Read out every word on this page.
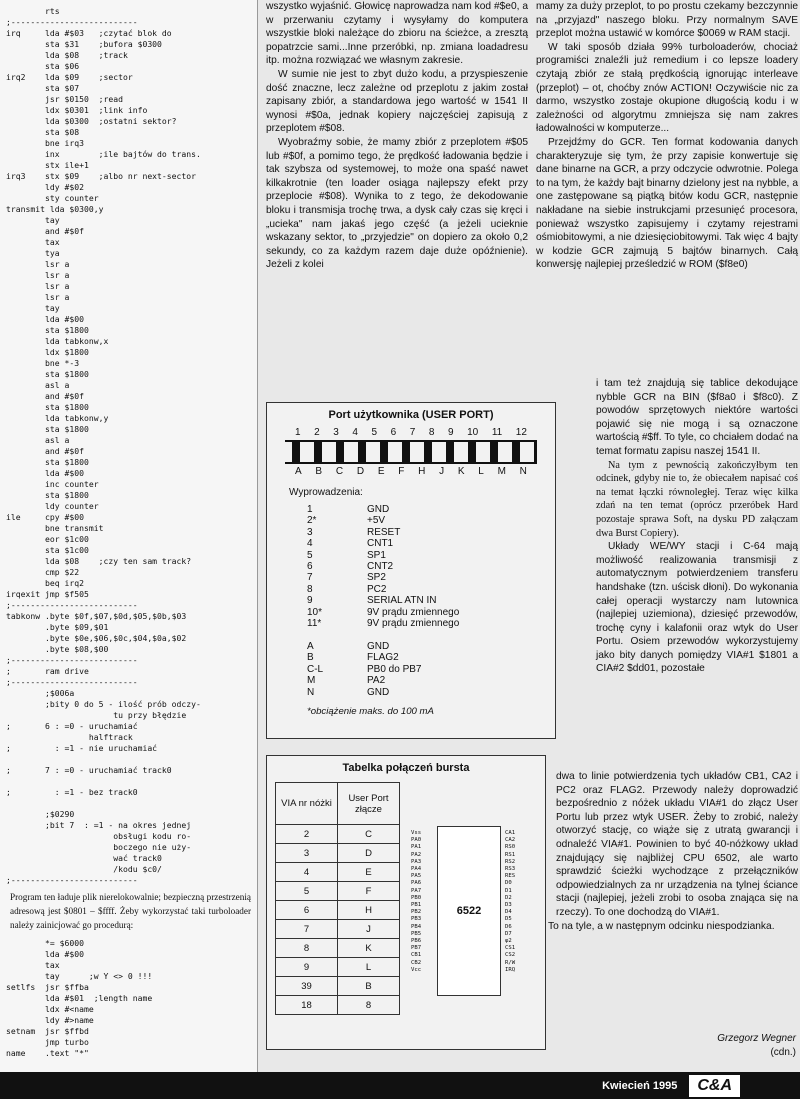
rts
;--------------------------
irq     lda #$03   ;czytać blok do
sta $31    ;bufora $0300
lda $08    ;track
sta $06
irq2    lda $09    ;sector
sta $07
jsr $0150  ;read
ldx $0301  ;link info
lda $0300  ;ostatni sektor?
sta $08
bne irq3
inx        ;ile bajtów do trans.
stx ile+1
irq3    stx $09    ;albo nr next-sector
ldy #$02
sty counter
transmit lda $0300,y
tay
and #$0f
tax
tya
lsr a
lsr a
lsr a
lsr a
tay
lda #$00
sta $1800
lda tabkonw,x
ldx $1800
bne *-3
sta $1800
asl a
and #$0f
sta $1800
lda tabkonw,y
sta $1800
asl a
and #$0f
sta $1800
lda #$00
inc counter
sta $1800
ldy counter
ile     cpy #$00
bne transmit
eor $1c00
sta $1c00
lda $08    ;czy ten sam track?
cmp $22
beq irq2
irqexit jmp $f505
;--------------------------
tabkonw .byte $0f,$07,$0d,$05,$0b,$03
.byte $09,$01
.byte $0e,$06,$0c,$04,$0a,$02
.byte $08,$00
;--------------------------
;       ram drive
;--------------------------
;$006a
;bity 0 do 5 - ilość prób odczy-
tu przy błędzie
;       6 : =0 - uruchamiać
halftrack
;         : =1 - nie uruchamiać

;       7 : =0 - uruchamiać track0

;         : =1 - bez track0

;$0290
;bit 7  : =1 - na okres jednej
obsługi kodu ro-
boczego nie uży-
wać track0
/kodu $c0/
;--------------------------
Program ten ładuje plik nierelokowalnie; bezpieczną przestrzenią adresową jest $0801 – $ffff. Żeby wykorzystać taki turboloader należy zainicjować go procedurą:
*= $6000
lda #$00
tax
tay      ;w Y <> 0 !!!
setlfs  jsr $ffba
lda #$01  ;length name
ldx #<name
ldy #>name
setnam  jsr $ffbd
jmp turbo
name    .text "*"

wszystko wyjaśnić. Głowicę naprowadza nam kod #$e0, a w przerwaniu czytamy i wysyłamy do komputera wszystkie bloki należące do zbioru na ścieżce, a zresztą popatrzcie sami...Inne przeróbki, np. zmiana loadadresu itp. można rozwiązać we własnym zakresie.

W sumie nie jest to zbyt dużo kodu, a przyspieszenie dość znaczne, lecz zależne od przeplotu z jakim został zapisany zbiór, a standardowa jego wartość w 1541 II wynosi #$0a, jednak kopiery najczęściej zapisują z przeplotem #$08.

Wyobraźmy sobie, że mamy zbiór z przeplotem #$05 lub #$0f, a pomimo tego, że prędkość ładowania będzie i tak szybsza od systemowej, to może ona spaść nawet kilkakrotnie (ten loader osiąga najlepszy efekt przy przeplocie #$08). Wynika to z tego, że dekodowanie bloku i transmisja trochę trwa, a dysk cały czas się kręci i „ucieka" nam jakaś jego część (a jeżeli ucieknie wskazany sektor, to „przyjedzie" on dopiero za około 0,2 sekundy, co za każdym razem daje duże opóźnienie). Jeżeli z kolei

mamy za duży przeplot, to po prostu czekamy bezczynnie na „przyjazd" naszego bloku. Przy normalnym SAVE przeplot można ustawić w komórce $0069 w RAM stacji.

W taki sposób działa 99% turboloaderów, chociaż programiści znaleźli już remedium i co lepsze loadery czytają zbiór ze stałą prędkością ignorując interleave (przeplot) – ot, choćby znów ACTION! Oczywiście nic za darmo, wszystko zostaje okupione długością kodu i w zależności od algorytmu zmniejsza się nam zakres ładowalności w komputerze...

Przejdźmy do GCR. Ten format kodowania danych charakteryzuje się tym, że przy zapisie konwertuje się dane binarne na GCR, a przy odczycie odwrotnie. Polega to na tym, że każdy bajt binarny dzielony jest na nybble, a one zastępowane są piątką bitów kodu GCR, następnie nakładane na siebie instrukcjami przesunięć procesora, ponieważ wszystko zapisujemy i czytamy rejestrami ośmiobitowymi, a nie dziesięciobitowymi. Tak więc 4 bajty w kodzie GCR zajmują 5 bajtów binarnych. Całą konwersję najlepiej prześledzić w ROM ($f8e0)

i tam też znajdują się tablice dekodujące nybble GCR na BIN ($f8a0 i $f8c0). Z powodów sprzętowych niektóre wartości pojawić się nie mogą i są oznaczone wartością #$ff. To tyle, co chciałem dodać na temat formatu zapisu naszej 1541 II.

Na tym z pewnością zakończyłbym ten odcinek, gdyby nie to, że obiecałem napisać coś na temat łączki równoległej. Teraz więc kilka zdań na ten temat (oprócz przeróbek Hard pozostaje sprawa Soft, na dysku PD załączam dwa Burst Copiery).

Układy WE/WY stacji i C-64 mają możliwość realizowania transmisji z automatycznym potwierdzeniem transferu handshake (tzn. uścisk dłoni). Do wykonania całej operacji wystarczy nam lutownica (najlepiej uziemiona), dziesięć przewodów, trochę cyny i kalafonii oraz wtyk do User Portu. Osiem przewodów wykorzystujemy jako bity danych pomiędzy VIA#1 $1801 a CIA#2 $dd01, pozostałe

dwa to linie potwierdzenia tych układów CB1, CA2 i PC2 oraz FLAG2. Przewody należy doprowadzić bezpośrednio z nóżek układu VIA#1 do złącz User Portu lub przez wtyk USER. Żeby to zrobić, należy otworzyć stację, co wiąże się z utratą gwarancji i odnaleźć VIA#1. Powinien to być 40-nóżkowy układ znajdujący się najbliżej CPU 6502, ale warto sprawdzić ścieżki wychodzące z przełączników odpowiedzialnych za nr urządzenia na tylnej ściance stacji (najlepiej, jeżeli zrobi to osoba znająca się na rzeczy). To one dochodzą do VIA#1.

To na tyle, a w następnym odcinku niespodzianka.

Grzegorz Wegner
(cdn.)
Port użytkownika (USER PORT)
1 2 3 4 5 6 7 8 9 10 11 12
A B C D E F H J K L M N
Wyprowadzenia:
1	GND
2*	+5V
3	RESET
4	CNT1
5	SP1
6	CNT2
7	SP2
8	PC2
9	SERIAL ATN IN
10*	9V prądu zmiennego
11*	9V prądu zmiennego

A	GND
B	FLAG2
C-L	PB0 do PB7
M	PA2
N	GND
*obciążenie maks. do 100 mA
Tabelka połączeń bursta
VIA nr nóżki	User Port złącze
2	C
3	D
4	E
5	F
6	H
7	J
8	K
9	L
39	B
18	8
Vss
PA0
PA1
PA2
PA3
PA4
PA5
PA6
PA7
PB0
PB1
PB2
PB3
PB4
PB5
PB6
PB7
CB1
CB2
Vcc
6522
CA1
CA2
RS0
RS1
RS2
RS3
RES
D0
D1
D2
D3
D4
D5
D6
D7
φ2
CS1
CS2
R/W
IRQ
Kwiecień 1995	C&A
